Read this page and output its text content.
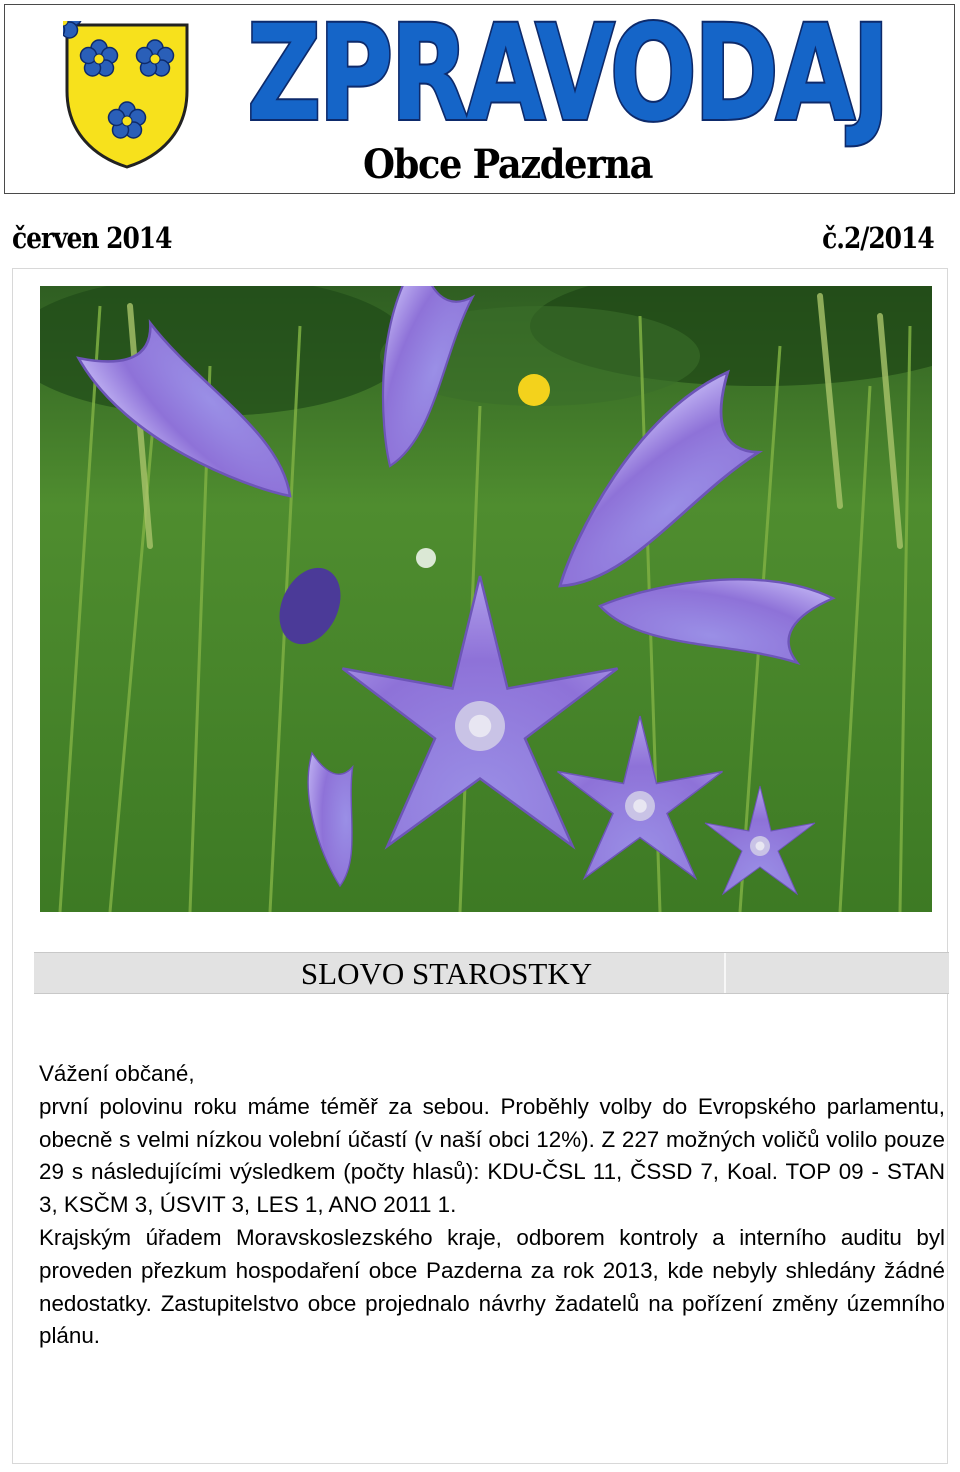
ZPRAVODAJ
Obce Pazderna
červen 2014	č.2/2014
SLOVO STAROSTKY

Vážení občané,

první polovinu roku máme téměř za sebou. Proběhly volby do Evropského parlamentu, obecně s velmi nízkou volební účastí (v naší obci 12%). Z 227 možných voličů volilo pouze 29 s následujícími výsledkem (počty hlasů): KDU-ČSL 11, ČSSD 7, Koal. TOP 09 - STAN 3, KSČM 3, ÚSVIT 3, LES 1, ANO 2011 1.

Krajským úřadem Moravskoslezského kraje, odborem kontroly a interního auditu byl proveden přezkum hospodaření obce Pazderna za rok 2013, kde nebyly shledány žádné nedostatky. Zastupitelstvo obce projednalo návrhy žadatelů na pořízení změny územního plánu.
